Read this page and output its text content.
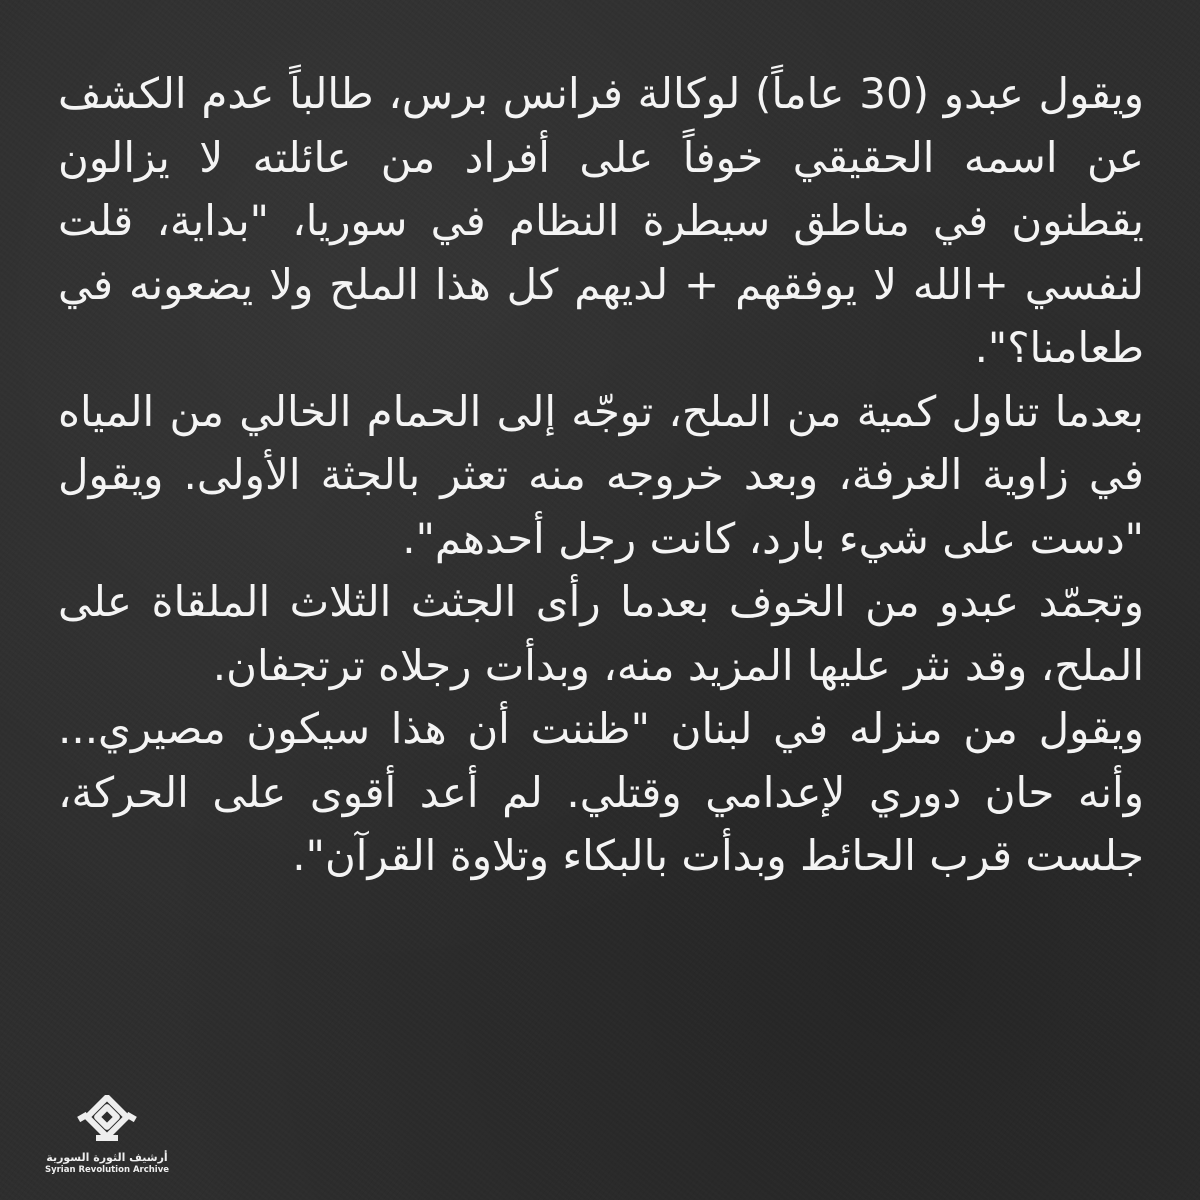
ويقول عبدو (30 عاماً) لوكالة فرانس برس، طالباً عدم الكشف عن اسمه الحقيقي خوفاً على أفراد من عائلته لا يزالون يقطنون في مناطق سيطرة النظام في سوريا، "بداية، قلت لنفسي +الله لا يوفقهم + لديهم كل هذا الملح ولا يضعونه في طعامنا؟".

بعدما تناول كمية من الملح، توجّه إلى الحمام الخالي من المياه في زاوية الغرفة، وبعد خروجه منه تعثر بالجثة الأولى. ويقول "دست على شيء بارد، كانت رجل أحدهم".

وتجمّد عبدو من الخوف بعدما رأى الجثث الثلاث الملقاة على الملح، وقد نثر عليها المزيد منه، وبدأت رجلاه ترتجفان.

ويقول من منزله في لبنان "ظننت أن هذا سيكون مصيري... وأنه حان دوري لإعدامي وقتلي. لم أعد أقوى على الحركة، جلست قرب الحائط وبدأت بالبكاء وتلاوة القرآن".

أرشيف الثورة السورية
Syrian Revolution Archive
